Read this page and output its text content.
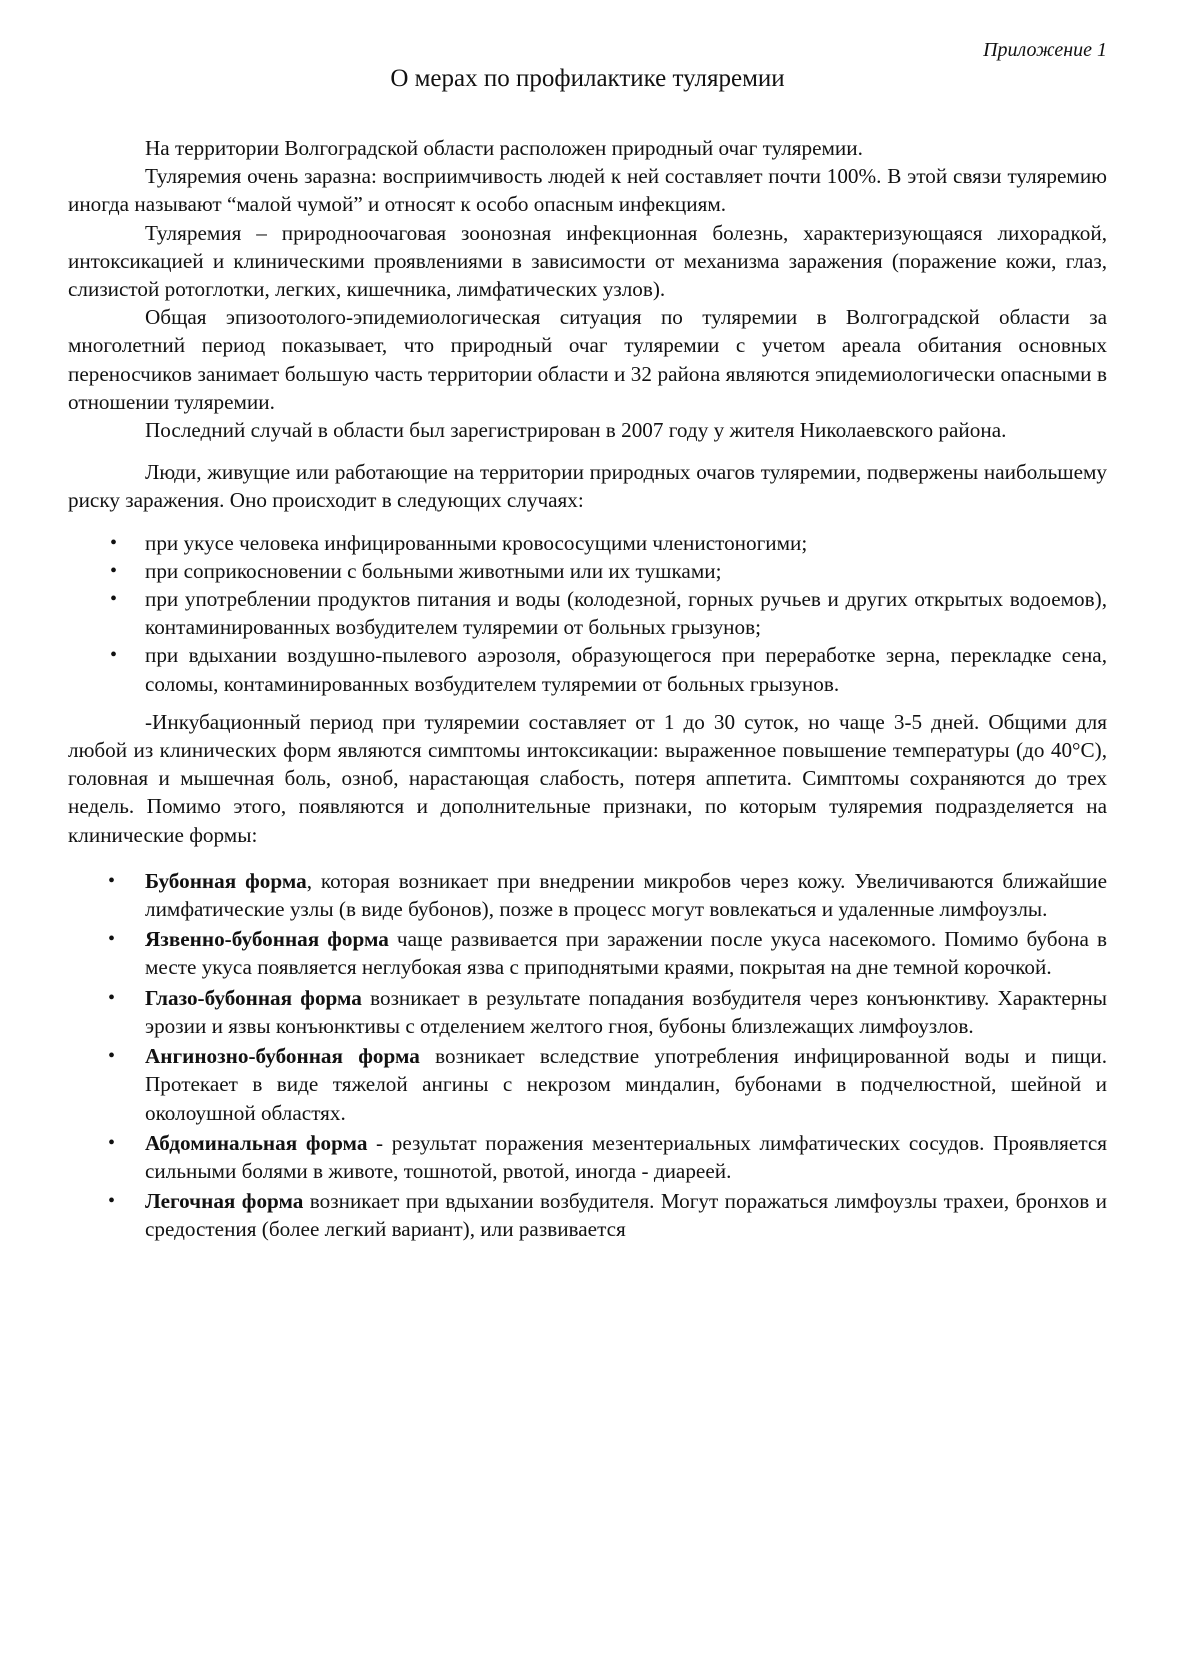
Приложение 1
О мерах по профилактике туляремии

На территории Волгоградской области расположен природный очаг туляремии.

Туляремия очень заразна: восприимчивость людей к ней составляет почти 100%. В этой связи туляремию иногда называют “малой чумой” и относят к особо опасным инфекциям.

Туляремия – природноочаговая зоонозная инфекционная болезнь, характеризующаяся лихорадкой, интоксикацией и клиническими проявлениями в зависимости от механизма заражения (поражение кожи, глаз, слизистой ротоглотки, легких, кишечника, лимфатических узлов).

Общая эпизоотолого-эпидемиологическая ситуация по туляремии в Волгоградской области за многолетний период показывает, что природный очаг туляремии с учетом ареала обитания основных переносчиков занимает большую часть территории области и 32 района являются эпидемиологически опасными в отношении туляремии.

Последний случай в области был зарегистрирован в 2007 году у жителя Николаевского района.

Люди, живущие или работающие на территории природных очагов туляремии, подвержены наибольшему риску заражения. Оно происходит в следующих случаях:

• при укусе человека инфицированными кровососущими членистоногими;
• при соприкосновении с больными животными или их тушками;
• при употреблении продуктов питания и воды (колодезной, горных ручьев и других открытых водоемов), контаминированных возбудителем туляремии от больных грызунов;
• при вдыхании воздушно-пылевого аэрозоля, образующегося при переработке зерна, перекладке сена, соломы, контаминированных возбудителем туляремии от больных грызунов.

-Инкубационный период при туляремии составляет от 1 до 30 суток, но чаще 3-5 дней. Общими для любой из клинических форм являются симптомы интоксикации: выраженное повышение температуры (до 40°С), головная и мышечная боль, озноб, нарастающая слабость, потеря аппетита. Симптомы сохраняются до трех недель. Помимо этого, появляются и дополнительные признаки, по которым туляремия подразделяется на клинические формы:

• Бубонная форма, которая возникает при внедрении микробов через кожу. Увеличиваются ближайшие лимфатические узлы (в виде бубонов), позже в процесс могут вовлекаться и удаленные лимфоузлы.
• Язвенно-бубонная форма чаще развивается при заражении после укуса насекомого. Помимо бубона в месте укуса появляется неглубокая язва с приподнятыми краями, покрытая на дне темной корочкой.
• Глазо-бубонная форма возникает в результате попадания возбудителя через конъюнктиву. Характерны эрозии и язвы конъюнктивы с отделением желтого гноя, бубоны близлежащих лимфоузлов.
• Ангинозно-бубонная форма возникает вследствие употребления инфицированной воды и пищи. Протекает в виде тяжелой ангины с некрозом миндалин, бубонами в подчелюстной, шейной и околоушной областях.
• Абдоминальная форма - результат поражения мезентериальных лимфатических сосудов. Проявляется сильными болями в животе, тошнотой, рвотой, иногда - диареей.
• Легочная форма возникает при вдыхании возбудителя. Могут поражаться лимфоузлы трахеи, бронхов и средостения (более легкий вариант), или развивается
